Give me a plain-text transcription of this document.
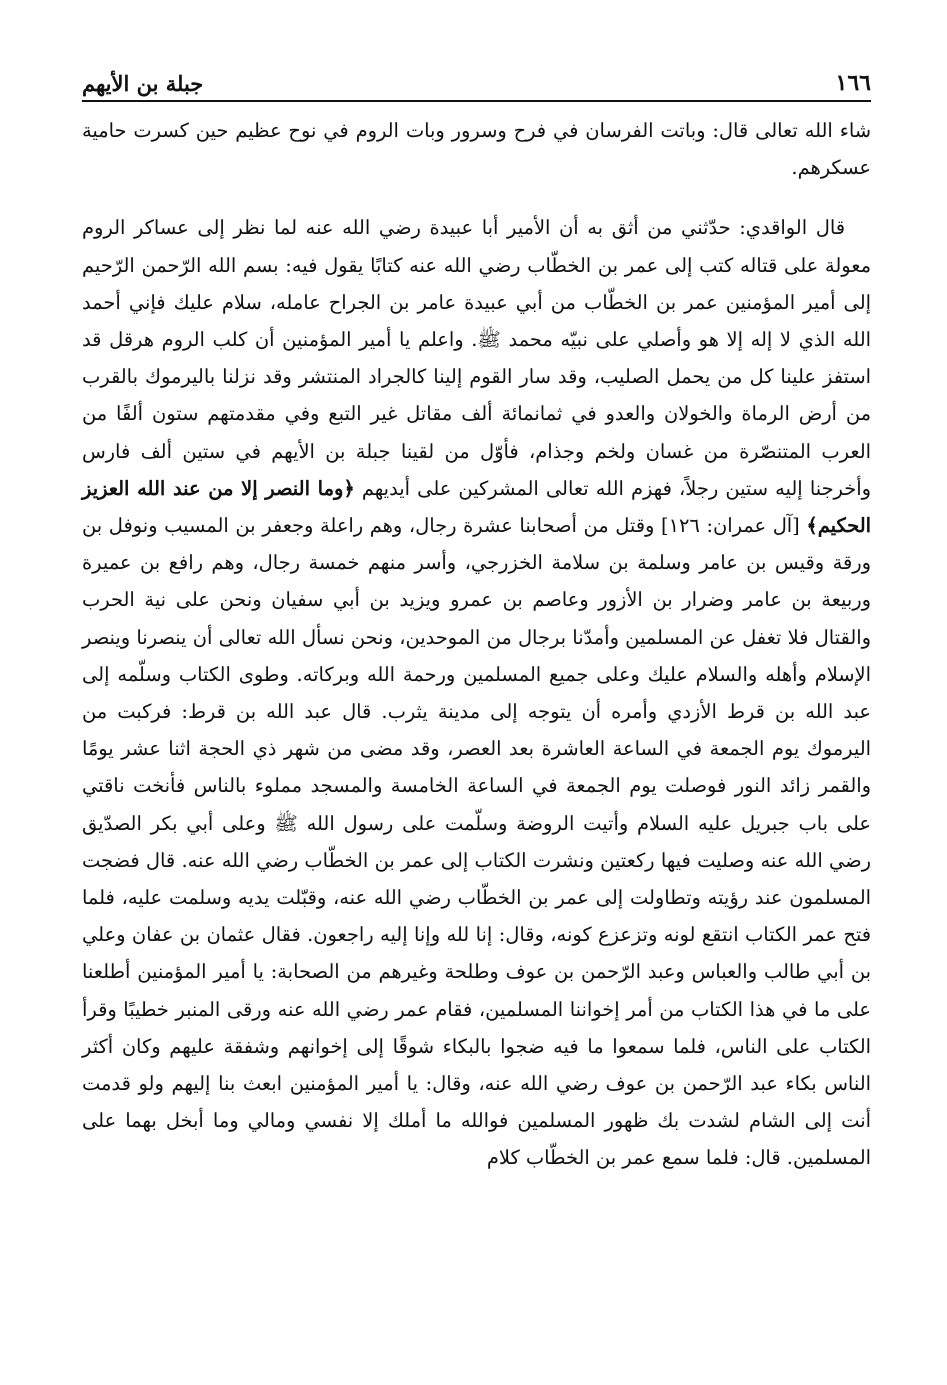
١٦٦
جبلة بن الأيهم

شاء الله تعالى قال: وباتت الفرسان في فرح وسرور وبات الروم في نوح عظيم حين كسرت حامية عسكرهم.

قال الواقدي: حدّثني من أثق به أن الأمير أبا عبيدة رضي الله عنه لما نظر إلى عساكر الروم معولة على قتاله كتب إلى عمر بن الخطّاب رضي الله عنه كتابًا يقول فيه: بسم الله الرّحمن الرّحيم إلى أمير المؤمنين عمر بن الخطّاب من أبي عبيدة عامر بن الجراح عامله، سلام عليك فإني أحمد الله الذي لا إله إلا هو وأصلي على نبيّه محمد ﷺ. واعلم يا أمير المؤمنين أن كلب الروم هرقل قد استفز علينا كل من يحمل الصليب، وقد سار القوم إلينا كالجراد المنتشر وقد نزلنا باليرموك بالقرب من أرض الرماة والخولان والعدو في ثمانمائة ألف مقاتل غير التبع وفي مقدمتهم ستون ألفًا من العرب المتنصّرة من غسان ولخم وجذام، فأوّل من لقينا جبلة بن الأيهم في ستين ألف فارس وأخرجنا إليه ستين رجلاً، فهزم الله تعالى المشركين على أيديهم ﴿وما النصر إلا من عند الله العزيز الحكيم﴾ [آل عمران: ١٢٦] وقتل من أصحابنا عشرة رجال، وهم راعلة وجعفر بن المسيب ونوفل بن ورقة وقيس بن عامر وسلمة بن سلامة الخزرجي، وأسر منهم خمسة رجال، وهم رافع بن عميرة وربيعة بن عامر وضرار بن الأزور وعاصم بن عمرو ويزيد بن أبي سفيان ونحن على نية الحرب والقتال فلا تغفل عن المسلمين وأمدّنا برجال من الموحدين، ونحن نسأل الله تعالى أن ينصرنا وينصر الإسلام وأهله والسلام عليك وعلى جميع المسلمين ورحمة الله وبركاته. وطوى الكتاب وسلّمه إلى عبد الله بن قرط الأزدي وأمره أن يتوجه إلى مدينة يثرب. قال عبد الله بن قرط: فركبت من اليرموك يوم الجمعة في الساعة العاشرة بعد العصر، وقد مضى من شهر ذي الحجة اثنا عشر يومًا والقمر زائد النور فوصلت يوم الجمعة في الساعة الخامسة والمسجد مملوء بالناس فأنخت ناقتي على باب جبريل عليه السلام وأتيت الروضة وسلّمت على رسول الله ﷺ وعلى أبي بكر الصدّيق رضي الله عنه وصليت فيها ركعتين ونشرت الكتاب إلى عمر بن الخطّاب رضي الله عنه. قال فضجت المسلمون عند رؤيته وتطاولت إلى عمر بن الخطّاب رضي الله عنه، وقبّلت يديه وسلمت عليه، فلما فتح عمر الكتاب انتقع لونه وتزعزع كونه، وقال: إنا لله وإنا إليه راجعون. فقال عثمان بن عفان وعلي بن أبي طالب والعباس وعبد الرّحمن بن عوف وطلحة وغيرهم من الصحابة: يا أمير المؤمنين أطلعنا على ما في هذا الكتاب من أمر إخواننا المسلمين، فقام عمر رضي الله عنه ورقى المنبر خطيبًا وقرأ الكتاب على الناس، فلما سمعوا ما فيه ضجوا بالبكاء شوقًا إلى إخوانهم وشفقة عليهم وكان أكثر الناس بكاء عبد الرّحمن بن عوف رضي الله عنه، وقال: يا أمير المؤمنين ابعث بنا إليهم ولو قدمت أنت إلى الشام لشدت بك ظهور المسلمين فوالله ما أملك إلا نفسي ومالي وما أبخل بهما على المسلمين. قال: فلما سمع عمر بن الخطّاب كلام
